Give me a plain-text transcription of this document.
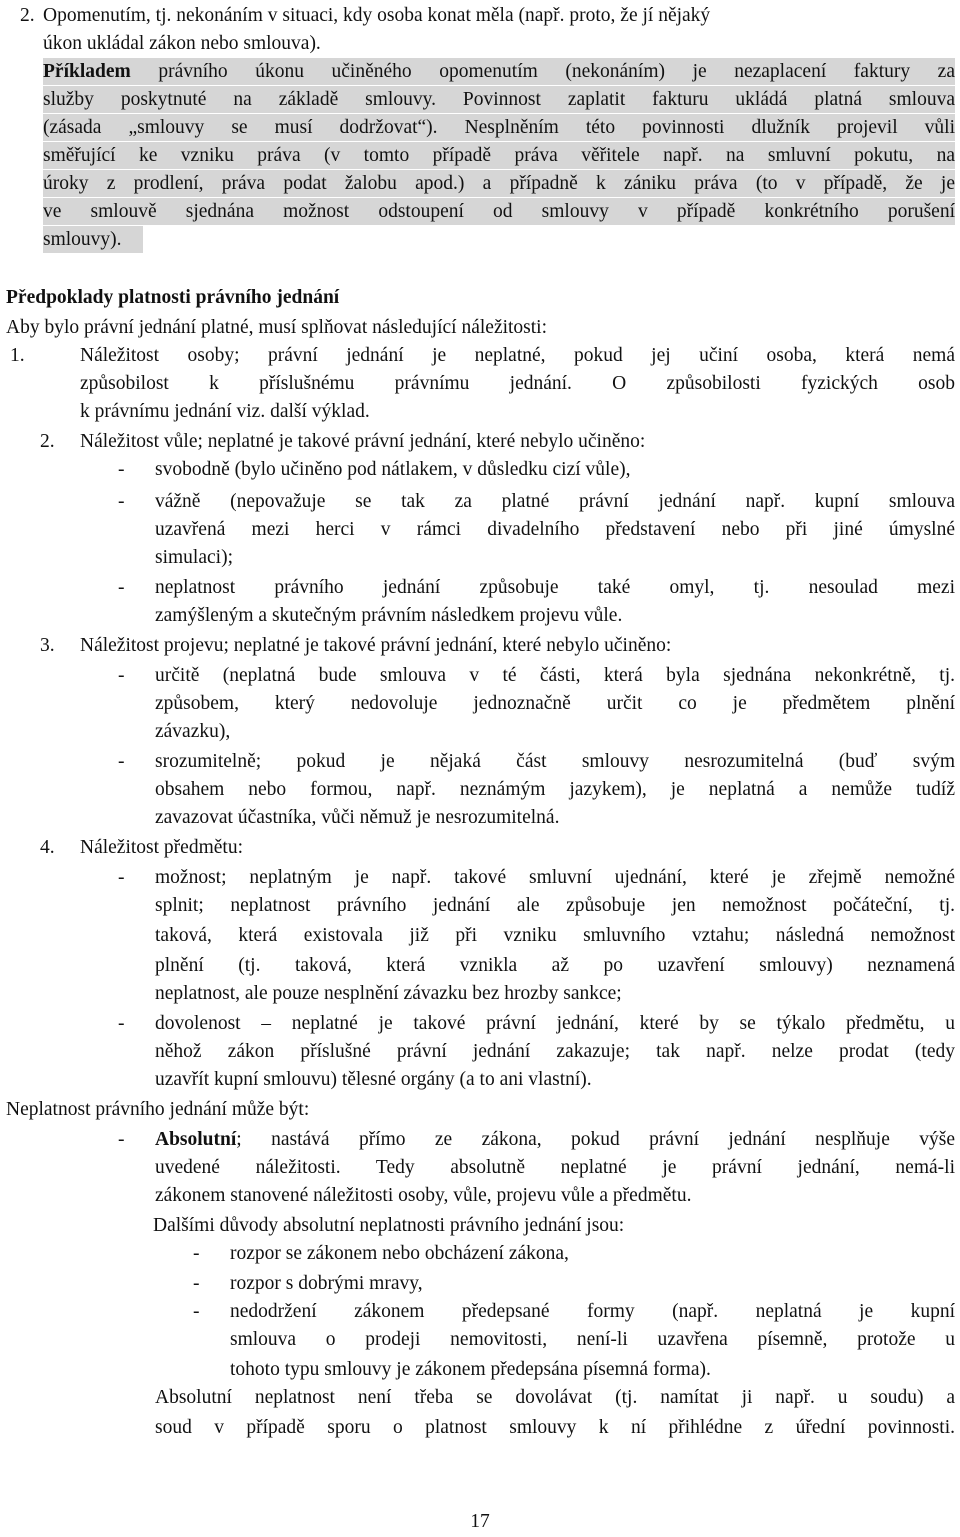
2. Opomenutím, tj. nekonáním v situaci, kdy osoba konat měla (např. proto, že jí nějaký
úkon ukládal zákon nebo smlouva).
Příkladem právního úkonu učiněného opomenutím (nekonáním) je nezaplacení faktury za
služby poskytnuté na základě smlouvy. Povinnost zaplatit fakturu ukládá platná smlouva
(zásada „smlouvy se musí dodržovat“). Nesplněním této povinnosti dlužník projevil vůli
směřující ke vzniku práva (v tomto případě práva věřitele např. na smluvní pokutu, na
úroky z prodlení, práva podat žalobu apod.) a případně k zániku práva (to v případě, že je
ve smlouvě sjednána možnost odstoupení od smlouvy v případě konkrétního porušení
smlouvy).
Předpoklady platnosti právního jednání
Aby bylo právní jednání platné, musí splňovat následující náležitosti:
1.	Náležitost osoby; právní jednání je neplatné, pokud jej učiní osoba, která nemá
způsobilost k příslušnému právnímu jednání. O způsobilosti fyzických osob
k právnímu jednání viz. další výklad.
2. Náležitost vůle; neplatné je takové právní jednání, které nebylo učiněno:
- svobodně (bylo učiněno pod nátlakem, v důsledku cizí vůle),
- vážně (nepovažuje se tak za platné právní jednání např. kupní smlouva
uzavřená mezi herci v rámci divadelního představení nebo při jiné úmyslné
simulaci);
- neplatnost právního jednání způsobuje také omyl, tj. nesoulad mezi
zamýšleným a skutečným právním následkem projevu vůle.
3. Náležitost projevu; neplatné je takové právní jednání, které nebylo učiněno:
- určitě (neplatná bude smlouva v té části, která byla sjednána nekonkrétně, tj.
způsobem, který nedovoluje jednoznačně určit co je předmětem plnění
závazku),
- srozumitelně; pokud je nějaká část smlouvy nesrozumitelná (buď svým
obsahem nebo formou, např. neznámým jazykem), je neplatná a nemůže tudíž
zavazovat účastníka, vůči němuž je nesrozumitelná.
4. Náležitost předmětu:
- možnost; neplatným je např. takové smluvní ujednání, které je zřejmě nemožné
splnit; neplatnost právního jednání ale způsobuje jen nemožnost počáteční, tj.
taková, která existovala již při vzniku smluvního vztahu; následná nemožnost
plnění (tj. taková, která vznikla až po uzavření smlouvy) neznamená
neplatnost, ale pouze nesplnění závazku bez hrozby sankce;
- dovolenost – neplatné je takové právní jednání, které by se týkalo předmětu, u
něhož zákon příslušné právní jednání zakazuje; tak např. nelze prodat (tedy
uzavřít kupní smlouvu) tělesné orgány (a to ani vlastní).
Neplatnost právního jednání může být:
- Absolutní; nastává přímo ze zákona, pokud právní jednání nesplňuje výše
uvedené náležitosti. Tedy absolutně neplatné je právní jednání, nemá-li
zákonem stanovené náležitosti osoby, vůle, projevu vůle a předmětu.
Dalšími důvody absolutní neplatnosti právního jednání jsou:
- rozpor se zákonem nebo obcházení zákona,
- rozpor s dobrými mravy,
- nedodržení zákonem předepsané formy (např. neplatná je kupní
smlouva o prodeji nemovitosti, není-li uzavřena písemně, protože u
tohoto typu smlouvy je zákonem předepsána písemná forma).
Absolutní neplatnost není třeba se dovolávat (tj. namítat ji např. u soudu) a
soud v případě sporu o platnost smlouvy k ní přihlédne z úřední povinnosti.
17
